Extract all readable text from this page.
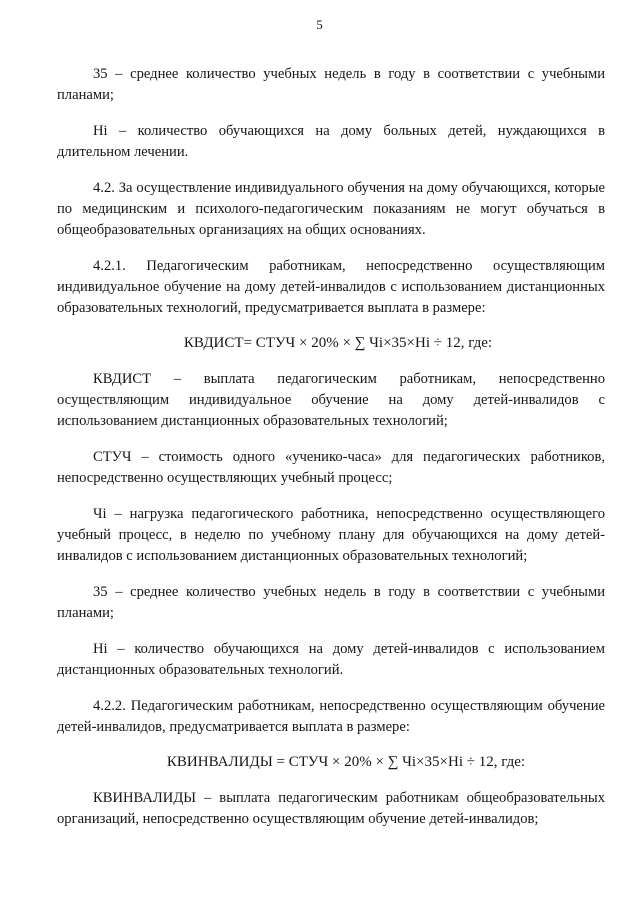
5

35 – среднее количество учебных недель в году в соответствии с учебными планами;

Нi – количество обучающихся на дому больных детей, нуждающихся в длительном лечении.

4.2. За осуществление индивидуального обучения на дому обучающихся, которые по медицинским и психолого-педагогическим показаниям не могут обучаться в общеобразовательных организациях на общих основаниях.

4.2.1. Педагогическим работникам, непосредственно осуществляющим индивидуальное обучение на дому детей-инвалидов с использованием дистанционных образовательных технологий, предусматривается выплата в размере:

КВДИСТ= СТУЧ × 20% × ∑ Чi×35×Нi ÷ 12, где:

КВДИСТ – выплата педагогическим работникам, непосредственно осуществляющим индивидуальное обучение на дому детей-инвалидов с использованием дистанционных образовательных технологий;

СТУЧ – стоимость одного «ученико-часа» для педагогических работников, непосредственно осуществляющих учебный процесс;

Чi – нагрузка педагогического работника, непосредственно осуществляющего учебный процесс, в неделю по учебному плану для обучающихся на дому детей-инвалидов с использованием дистанционных образовательных технологий;

35 – среднее количество учебных недель в году в соответствии с учебными планами;

Нi – количество обучающихся на дому детей-инвалидов с использованием дистанционных образовательных технологий.

4.2.2. Педагогическим работникам, непосредственно осуществляющим обучение детей-инвалидов, предусматривается выплата в размере:

КВИНВАЛИДЫ = СТУЧ × 20% × ∑ Чi×35×Нi ÷ 12, где:

КВИНВАЛИДЫ – выплата педагогическим работникам общеобразовательных организаций, непосредственно осуществляющим обучение детей-инвалидов;
